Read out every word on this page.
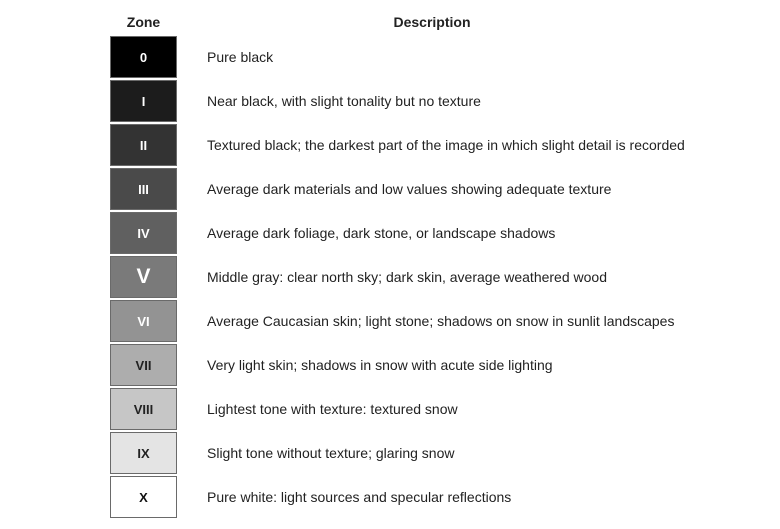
Zone	Description
0	Pure black
I	Near black, with slight tonality but no texture
II	Textured black; the darkest part of the image in which slight detail is recorded
III	Average dark materials and low values showing adequate texture
IV	Average dark foliage, dark stone, or landscape shadows
V	Middle gray: clear north sky; dark skin, average weathered wood
VI	Average Caucasian skin; light stone; shadows on snow in sunlit landscapes
VII	Very light skin; shadows in snow with acute side lighting
VIII	Lightest tone with texture: textured snow
IX	Slight tone without texture; glaring snow
X	Pure white: light sources and specular reflections
